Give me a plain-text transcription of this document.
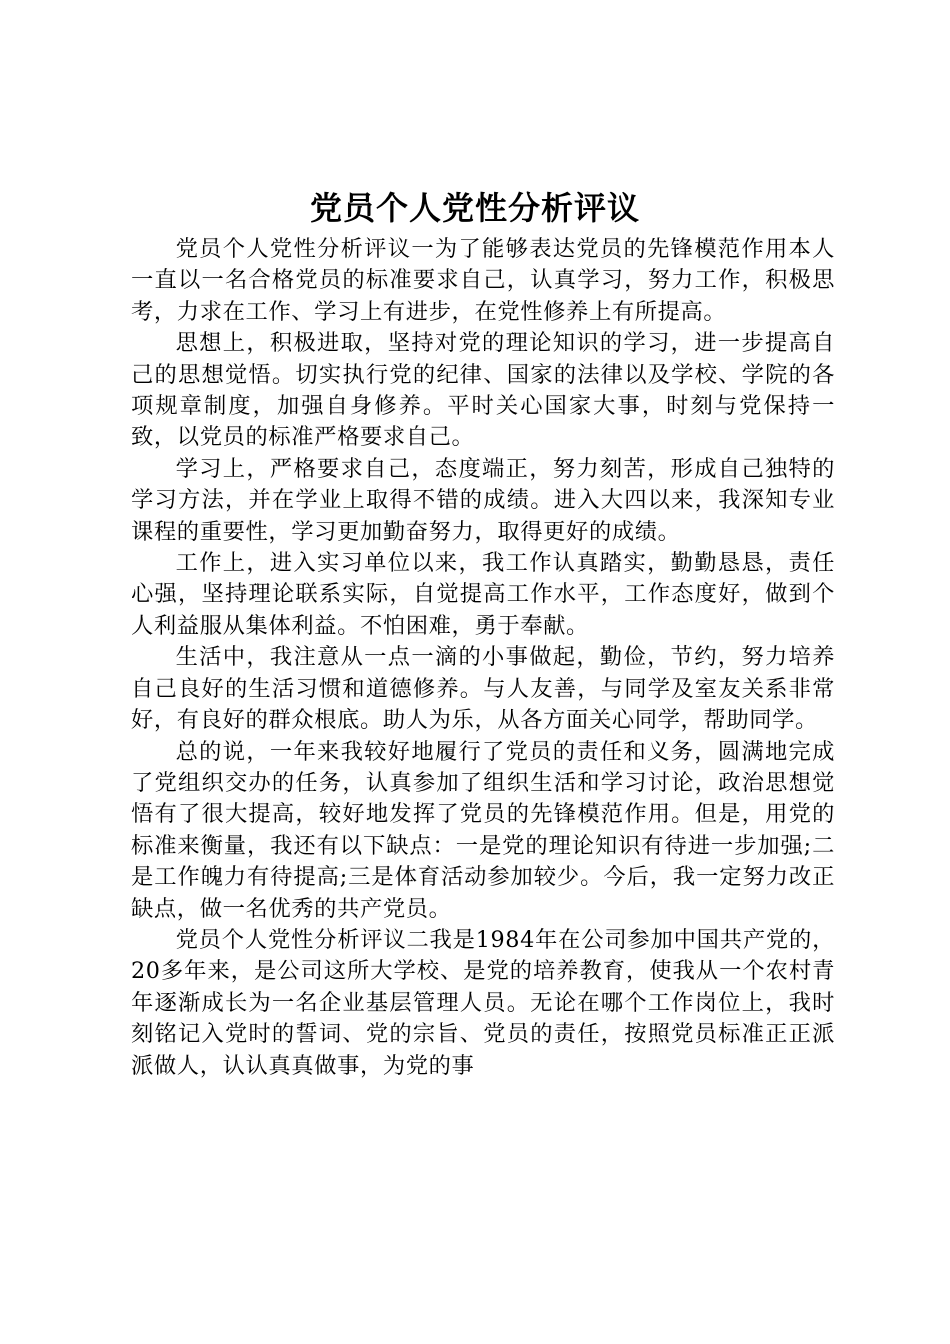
党员个人党性分析评议

党员个人党性分析评议一为了能够表达党员的先锋模范作用本人一直以一名合格党员的标准要求自己，认真学习，努力工作，积极思考，力求在工作、学习上有进步，在党性修养上有所提高。

思想上，积极进取，坚持对党的理论知识的学习，进一步提高自己的思想觉悟。切实执行党的纪律、国家的法律以及学校、学院的各项规章制度，加强自身修养。平时关心国家大事，时刻与党保持一致，以党员的标准严格要求自己。

学习上，严格要求自己，态度端正，努力刻苦，形成自己独特的学习方法，并在学业上取得不错的成绩。进入大四以来，我深知专业课程的重要性，学习更加勤奋努力，取得更好的成绩。

工作上，进入实习单位以来，我工作认真踏实，勤勤恳恳，责任心强，坚持理论联系实际，自觉提高工作水平，工作态度好，做到个人利益服从集体利益。不怕困难，勇于奉献。

生活中，我注意从一点一滴的小事做起，勤俭，节约，努力培养自己良好的生活习惯和道德修养。与人友善，与同学及室友关系非常好，有良好的群众根底。助人为乐，从各方面关心同学，帮助同学。

总的说，一年来我较好地履行了党员的责任和义务，圆满地完成了党组织交办的任务，认真参加了组织生活和学习讨论，政治思想觉悟有了很大提高，较好地发挥了党员的先锋模范作用。但是，用党的标准来衡量，我还有以下缺点：一是党的理论知识有待进一步加强;二是工作魄力有待提高;三是体育活动参加较少。今后，我一定努力改正缺点，做一名优秀的共产党员。

党员个人党性分析评议二我是1984年在公司参加中国共产党的，20多年来，是公司这所大学校、是党的培养教育，使我从一个农村青年逐渐成长为一名企业基层管理人员。无论在哪个工作岗位上，我时刻铭记入党时的誓词、党的宗旨、党员的责任，按照党员标准正正派派做人，认认真真做事，为党的事
